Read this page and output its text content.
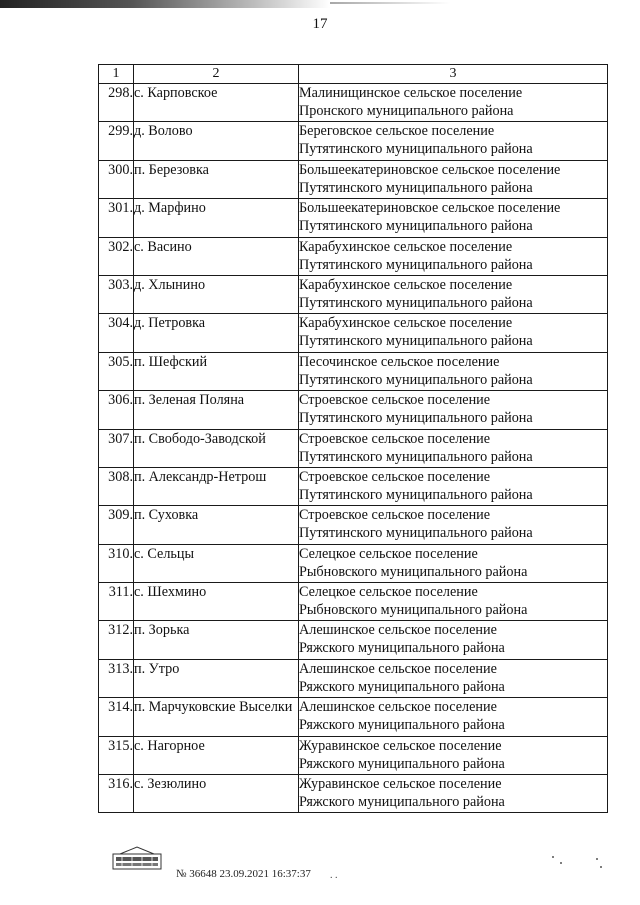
17
1	2	3
298.	с. Карповское	Малинищинское сельское поселение
Пронского муниципального района

299.	д. Волово	Береговское сельское поселение
Путятинского муниципального района

300.	п. Березовка	Большеекатериновское сельское поселение
Путятинского муниципального района

301.	д. Марфино	Большеекатериновское сельское поселение
Путятинского муниципального района

302.	с. Васино	Карабухинское сельское поселение
Путятинского муниципального района

303.	д. Хлынино	Карабухинское сельское поселение
Путятинского муниципального района

304.	д. Петровка	Карабухинское сельское поселение
Путятинского муниципального района

305.	п. Шефский	Песочинское сельское поселение
Путятинского муниципального района

306.	п. Зеленая Поляна	Строевское сельское поселение
Путятинского муниципального района

307.	п. Свободо-Заводской	Строевское сельское поселение
Путятинского муниципального района

308.	п. Александр-Нетрош	Строевское сельское поселение
Путятинского муниципального района

309.	п. Суховка	Строевское сельское поселение
Путятинского муниципального района

310.	с. Сельцы	Селецкое сельское поселение
Рыбновского муниципального района

311.	с. Шехмино	Селецкое сельское поселение
Рыбновского муниципального района

312.	п. Зорька	Алешинское сельское поселение
Ряжского муниципального района

313.	п. Утро	Алешинское сельское поселение
Ряжского муниципального района

314.	п. Марчуковские Выселки	Алешинское сельское поселение
Ряжского муниципального района

315.	с. Нагорное	Журавинское сельское поселение
Ряжского муниципального района

316.	с. Зезюлино	Журавинское сельское поселение
Ряжского муниципального района
№ 36648 23.09.2021 16:37:37 . .
